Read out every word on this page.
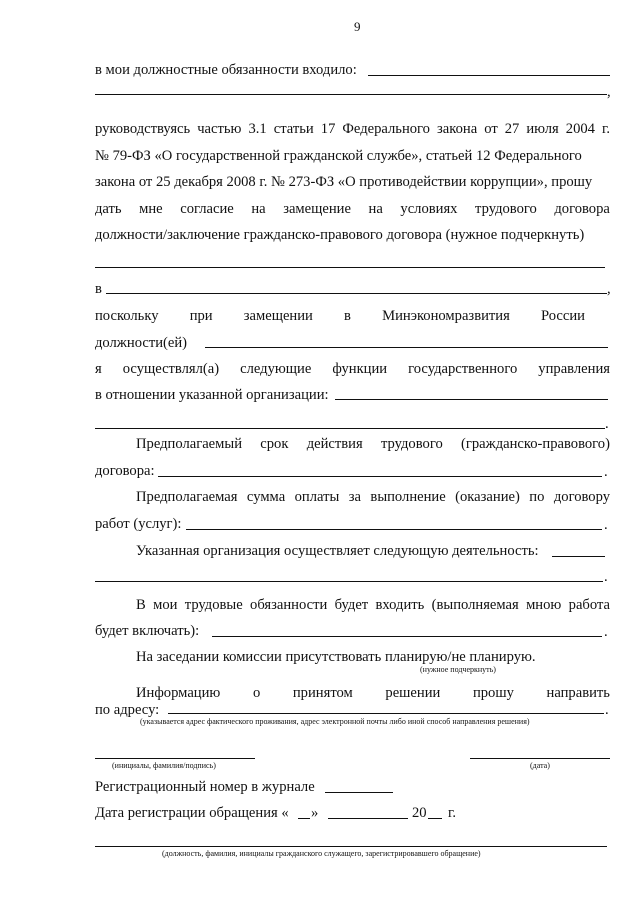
9
в мои должностные обязанности входило:
,
руководствуясь частью 3.1 статьи 17 Федерального закона от 27 июля 2004 г.
№ 79-ФЗ «О государственной гражданской службе», статьей 12 Федерального
закона от 25 декабря 2008 г. № 273-ФЗ «О противодействии коррупции», прошу
дать мне согласие на замещение на условиях трудового договора
должности/заключение гражданско-правового договора (нужное подчеркнуть)
в	,
поскольку при замещении в Минэкономразвития России
должности(ей)
я осуществлял(а) следующие функции государственного управления
в отношении указанной организации:
.
Предполагаемый срок действия трудового (гражданско-правового)
договора:	.
Предполагаемая сумма оплаты за выполнение (оказание) по договору
работ (услуг):	.
Указанная организация осуществляет следующую деятельность:
.
В мои трудовые обязанности будет входить (выполняемая мною работа
будет включать):	.
На заседании комиссии присутствовать планирую/не планирую.
(нужное подчеркнуть)
Информацию о принятом решении прошу направить
по адресу:	.
(указывается адрес фактического проживания, адрес электронной почты либо иной способ направления решения)
(инициалы, фамилия/подпись)	(дата)
Регистрационный номер в журнале
Дата регистрации обращения « »	20 г.
(должность, фамилия, инициалы гражданского служащего, зарегистрировавшего обращение)
